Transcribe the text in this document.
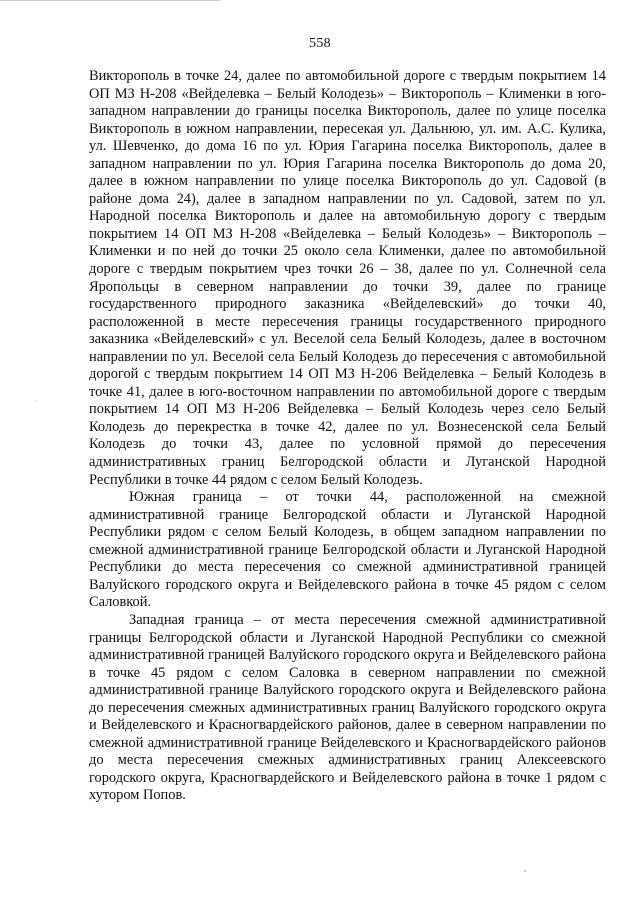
558

Викторополь в точке 24, далее по автомобильной дороге с твердым покрытием 14 ОП МЗ Н-208 «Вейделевка – Белый Колодезь» – Викторополь – Клименки в юго-западном направлении до границы поселка Викторополь, далее по улице поселка Викторополь в южном направлении, пересекая ул. Дальнюю, ул. им. А.С. Кулика, ул. Шевченко, до дома 16 по ул. Юрия Гагарина поселка Викторополь, далее в западном направлении по ул. Юрия Гагарина поселка Викторополь до дома 20, далее в южном направлении по улице поселка Викторополь до ул. Садовой (в районе дома 24), далее в западном направлении по ул. Садовой, затем по ул. Народной поселка Викторополь и далее на автомобильную дорогу с твердым покрытием 14 ОП МЗ Н-208 «Вейделевка – Белый Колодезь» – Викторополь – Клименки и по ней до точки 25 около села Клименки, далее по автомобильной дороге с твердым покрытием чрез точки 26 – 38, далее по ул. Солнечной села Яропольцы в северном направлении до точки 39, далее по границе государственного природного заказника «Вейделевский» до точки 40, расположенной в месте пересечения границы государственного природного заказника «Вейделевский» с ул. Веселой села Белый Колодезь, далее в восточном направлении по ул. Веселой села Белый Колодезь до пересечения с автомобильной дорогой с твердым покрытием 14 ОП МЗ Н-206 Вейделевка – Белый Колодезь в точке 41, далее в юго-восточном направлении по автомобильной дороге с твердым покрытием 14 ОП МЗ Н-206 Вейделевка – Белый Колодезь через село Белый Колодезь до перекрестка в точке 42, далее по ул. Вознесенской села Белый Колодезь до точки 43, далее по условной прямой до пересечения административных границ Белгородской области и Луганской Народной Республики в точке 44 рядом с селом Белый Колодезь.

Южная граница – от точки 44, расположенной на смежной административной границе Белгородской области и Луганской Народной Республики рядом с селом Белый Колодезь, в общем западном направлении по смежной административной границе Белгородской области и Луганской Народной Республики до места пересечения со смежной административной границей Валуйского городского округа и Вейделевского района в точке 45 рядом с селом Саловкой.

Западная граница – от места пересечения смежной административной границы Белгородской области и Луганской Народной Республики со смежной административной границей Валуйского городского округа и Вейделевского района в точке 45 рядом с селом Саловка в северном направлении по смежной административной границе Валуйского городского округа и Вейделевского района до пересечения смежных административных границ Валуйского городского округа и Вейделевского и Красногвардейского районов, далее в северном направлении по смежной административной границе Вейделевского и Красногвардейского районов до места пересечения смежных административных границ Алексеевского городского округа, Красногвардейского и Вейделевского района в точке 1 рядом с хутором Попов.
